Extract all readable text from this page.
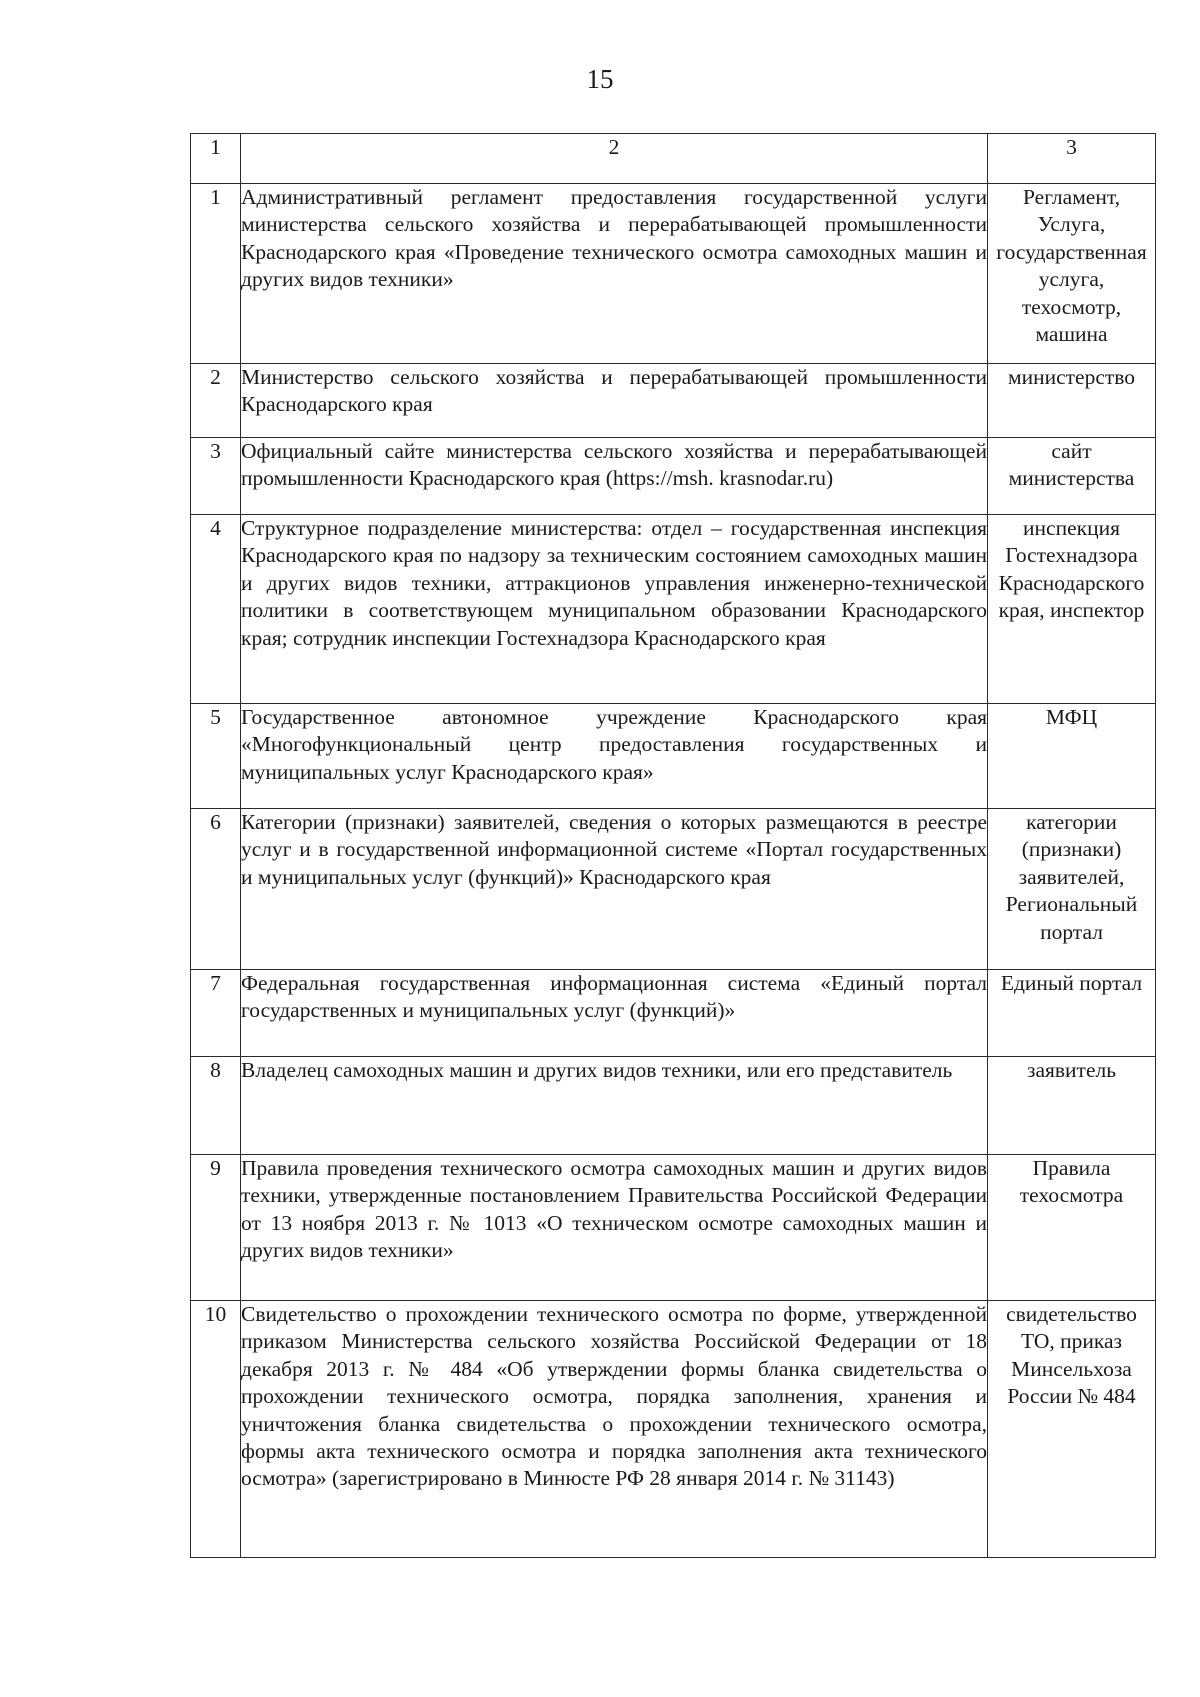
15
1	2	3
1	Административный регламент предоставления государственной услуги министерства сельского хозяйства и перерабатывающей промышленности Краснодарского края «Проведение технического осмотра самоходных машин и других видов техники»	Регламент, Услуга, государственная услуга, техосмотр, машина
2	Министерство сельского хозяйства и перерабатывающей промышленности Краснодарского края	министерство
3	Официальный сайте министерства сельского хозяйства и перерабатывающей промышленности Краснодарского края (https://msh. krasnodar.ru)	сайт министерства
4	Структурное подразделение министерства: отдел – государственная инспекция Краснодарского края по надзору за техническим состоянием самоходных машин и других видов техники, аттракционов управления инженерно-технической политики в соответствующем муниципальном образовании Краснодарского края; сотрудник инспекции Гостехнадзора Краснодарского края	инспекция Гостехнадзора Краснодарского края, инспектор
5	Государственное автономное учреждение Краснодарского края «Многофункциональный центр предоставления государственных и муниципальных услуг Краснодарского края»	МФЦ
6	Категории (признаки) заявителей, сведения о которых размещаются в реестре услуг и в государственной информационной системе «Портал государственных и муниципальных услуг (функций)» Краснодарского края	категории (признаки) заявителей, Региональный портал
7	Федеральная государственная информационная система «Единый портал государственных и муниципальных услуг (функций)»	Единый портал
8	Владелец самоходных машин и других видов техники, или его представитель	заявитель
9	Правила проведения технического осмотра самоходных машин и других видов техники, утвержденные постановлением Правительства Российской Федерации от 13 ноября 2013 г. № 1013 «О техническом осмотре самоходных машин и других видов техники»	Правила техосмотра
10	Свидетельство о прохождении технического осмотра по форме, утвержденной приказом Министерства сельского хозяйства Российской Федерации от 18 декабря 2013 г. № 484 «Об утверждении формы бланка свидетельства о прохождении технического осмотра, порядка заполнения, хранения и уничтожения бланка свидетельства о прохождении технического осмотра, формы акта технического осмотра и порядка заполнения акта технического осмотра» (зарегистрировано в Минюсте РФ 28 января 2014 г. № 31143)	свидетельство ТО, приказ Минсельхоза России № 484
